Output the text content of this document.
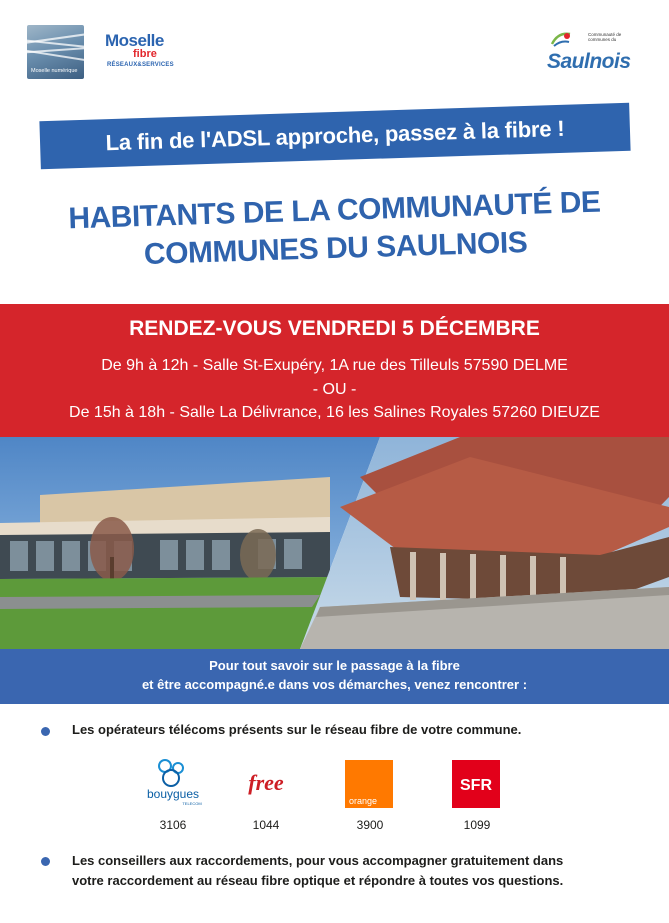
Moselle numérique
Moselle
fibre
RÉSEAUX&SERVICES
Communauté de communes du
Saulnois
La fin de l'ADSL approche, passez à la fibre !
HABITANTS DE LA COMMUNAUTÉ DE
COMMUNES DU SAULNOIS
RENDEZ-VOUS VENDREDI 5 DÉCEMBRE
De 9h à 12h - Salle St-Exupéry, 1A rue des Tilleuls 57590 DELME
- OU -
De 15h à 18h - Salle La Délivrance, 16 les Salines Royales 57260 DIEUZE
Pour tout savoir sur le passage à la fibre
et être accompagné.e dans vos démarches, venez rencontrer :
Les opérateurs télécoms présents sur le réseau fibre de votre commune.
bouygues
TELECOM
3106
free
1044
orange
3900
SFR
1099
Les conseillers aux raccordements, pour vous accompagner gratuitement dans
votre raccordement au réseau fibre optique et répondre à toutes vos questions.
